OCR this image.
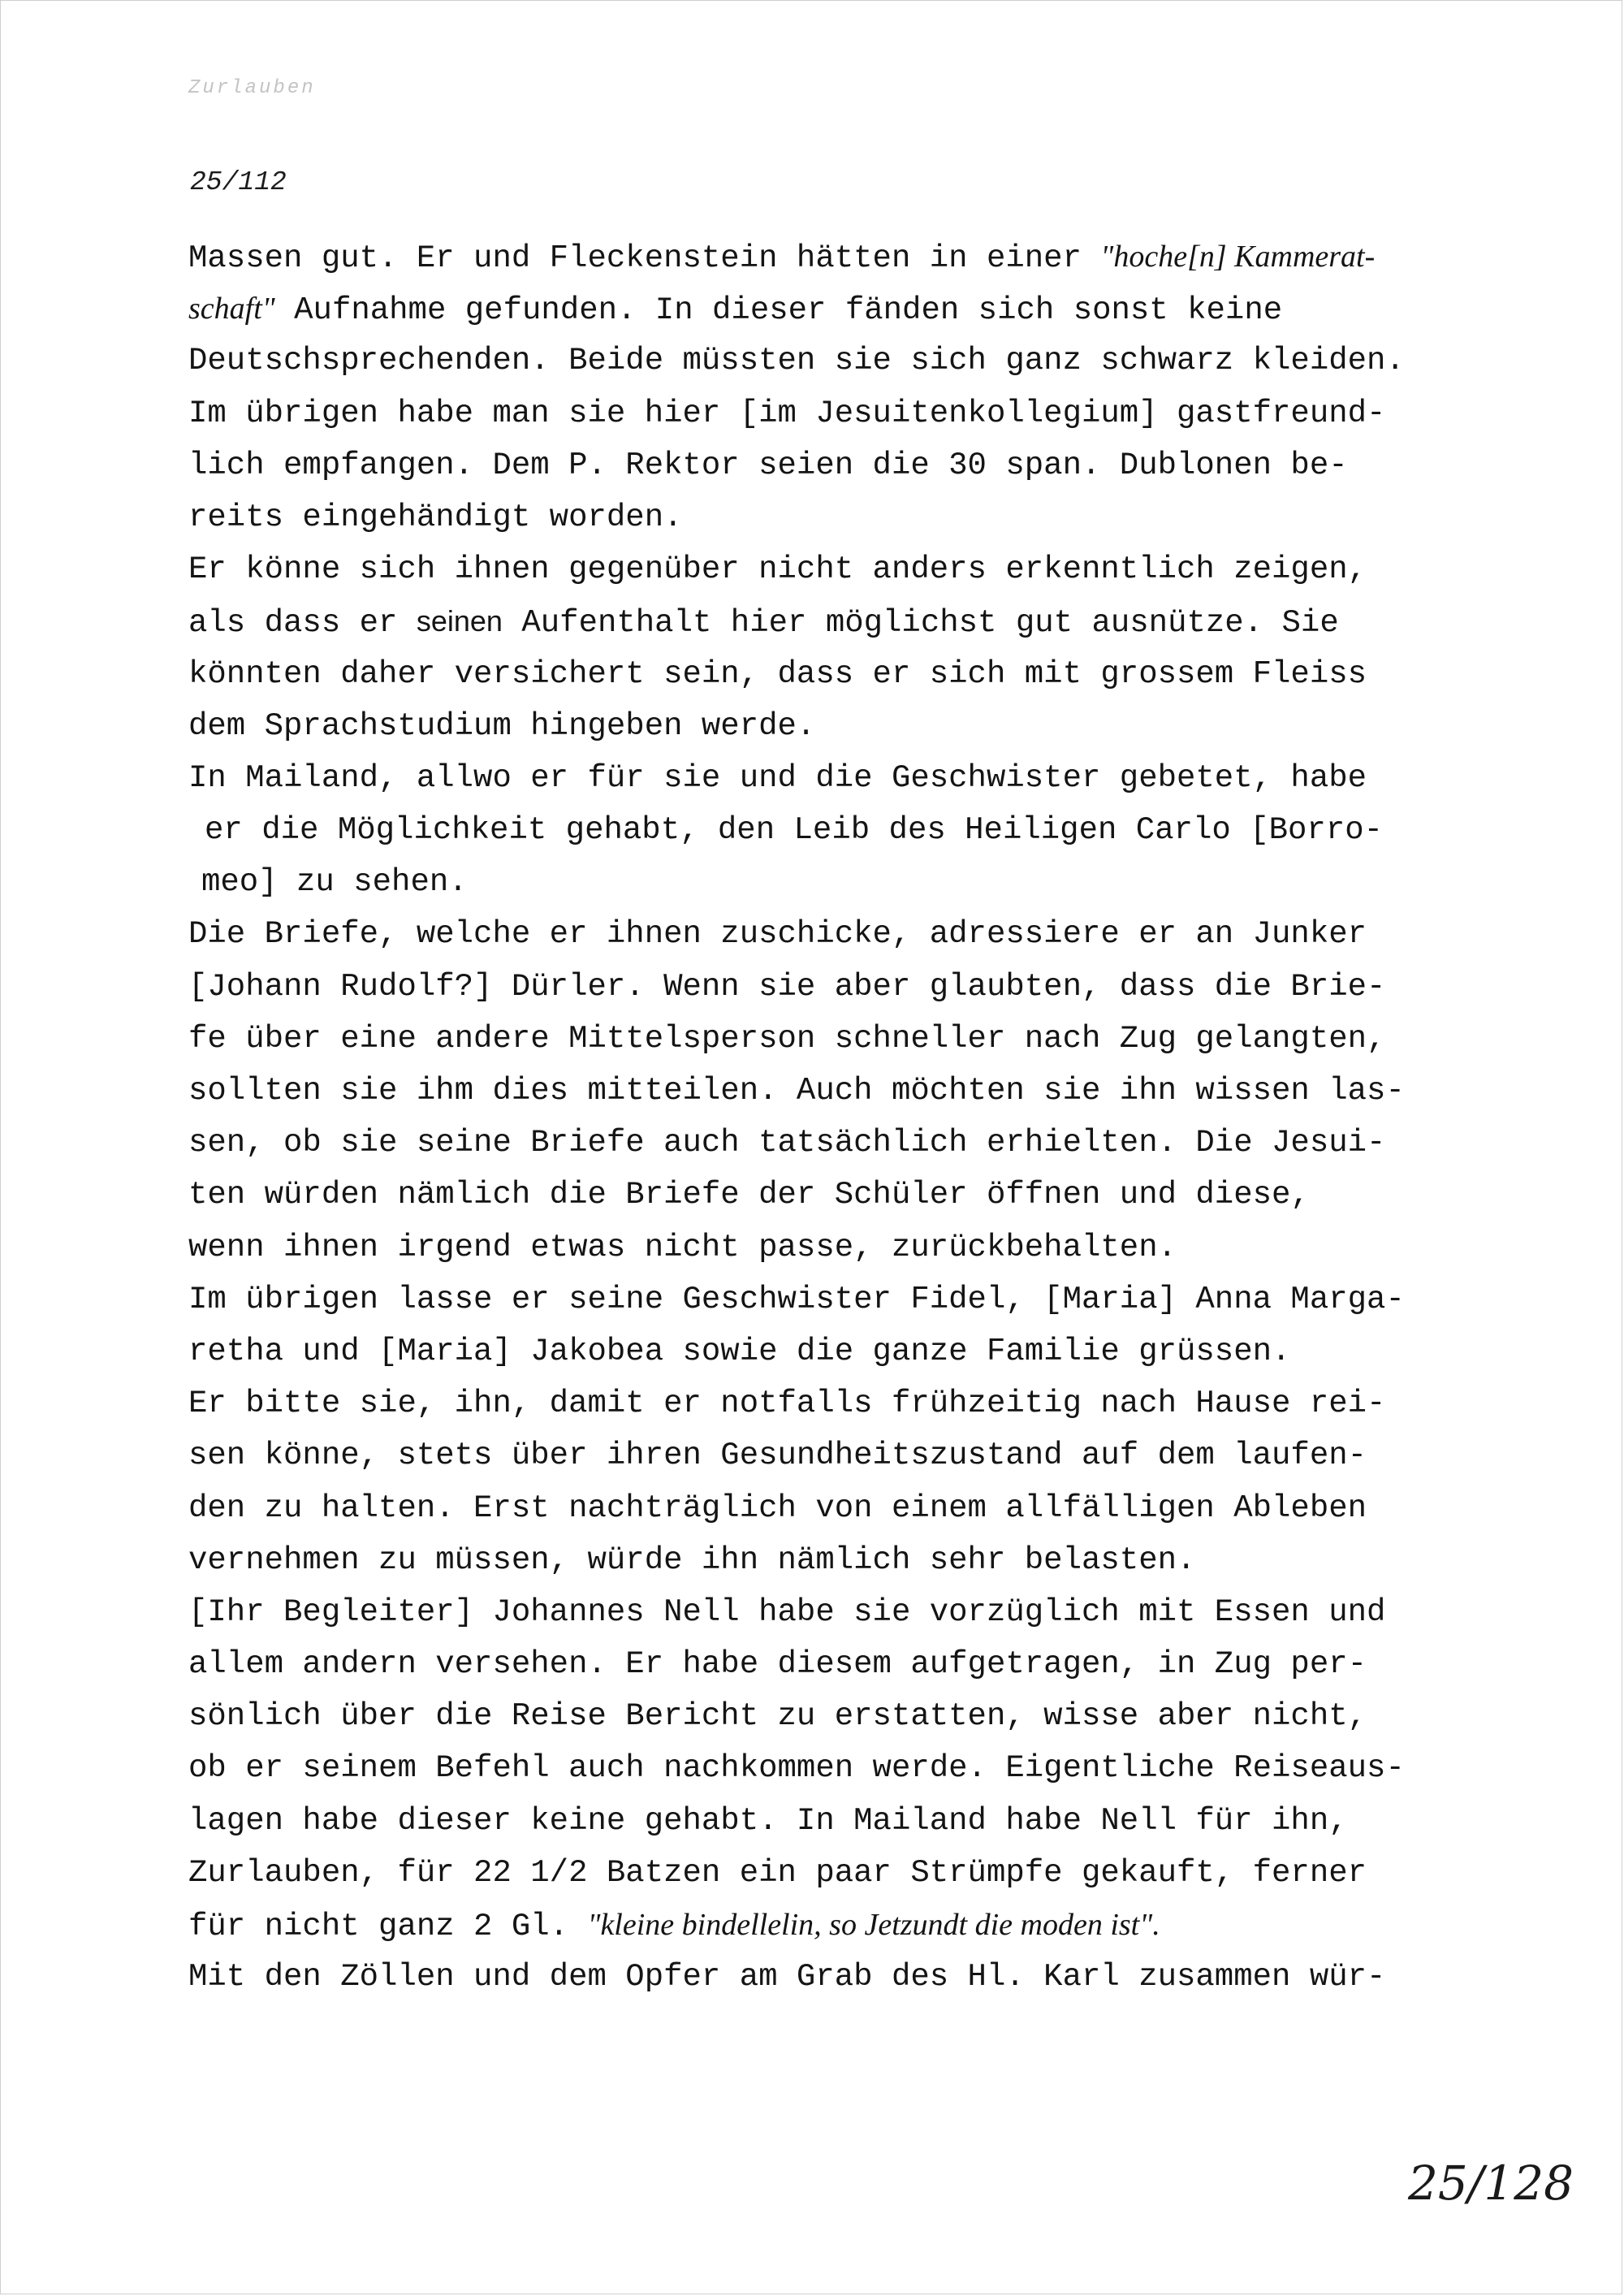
Zurlauben
25/112
Massen gut. Er und Fleckenstein hätten in einer "hoche[n] Kammerat-
schaft" Aufnahme gefunden. In dieser fänden sich sonst keine
Deutschsprechenden. Beide müssten sie sich ganz schwarz kleiden.
Im übrigen habe man sie hier [im Jesuitenkollegium] gastfreund-
lich empfangen. Dem P. Rektor seien die 30 span. Dublonen be-
reits eingehändigt worden.
Er könne sich ihnen gegenüber nicht anders erkenntlich zeigen,
als dass er seinen Aufenthalt hier möglichst gut ausnütze. Sie
könnten daher versichert sein, dass er sich mit grossem Fleiss
dem Sprachstudium hingeben werde.
In Mailand, allwo er für sie und die Geschwister gebetet, habe
er die Möglichkeit gehabt, den Leib des Heiligen Carlo [Borro-
meo] zu sehen.
Die Briefe, welche er ihnen zuschicke, adressiere er an Junker
[Johann Rudolf?] Dürler. Wenn sie aber glaubten, dass die Brie-
fe über eine andere Mittelsperson schneller nach Zug gelangten,
sollten sie ihm dies mitteilen. Auch möchten sie ihn wissen las-
sen, ob sie seine Briefe auch tatsächlich erhielten. Die Jesui-
ten würden nämlich die Briefe der Schüler öffnen und diese,
wenn ihnen irgend etwas nicht passe, zurückbehalten.
Im übrigen lasse er seine Geschwister Fidel, [Maria] Anna Marga-
retha und [Maria] Jakobea sowie die ganze Familie grüssen.
Er bitte sie, ihn, damit er notfalls frühzeitig nach Hause rei-
sen könne, stets über ihren Gesundheitszustand auf dem laufen-
den zu halten. Erst nachträglich von einem allfälligen Ableben
vernehmen zu müssen, würde ihn nämlich sehr belasten.
[Ihr Begleiter] Johannes Nell habe sie vorzüglich mit Essen und
allem andern versehen. Er habe diesem aufgetragen, in Zug per-
sönlich über die Reise Bericht zu erstatten, wisse aber nicht,
ob er seinem Befehl auch nachkommen werde. Eigentliche Reiseaus-
lagen habe dieser keine gehabt. In Mailand habe Nell für ihn,
Zurlauben, für 22 1/2 Batzen ein paar Strümpfe gekauft, ferner
für nicht ganz 2 Gl. "kleine bindellelin, so Jetzundt die moden ist".
Mit den Zöllen und dem Opfer am Grab des Hl. Karl zusammen wür-
25/128
